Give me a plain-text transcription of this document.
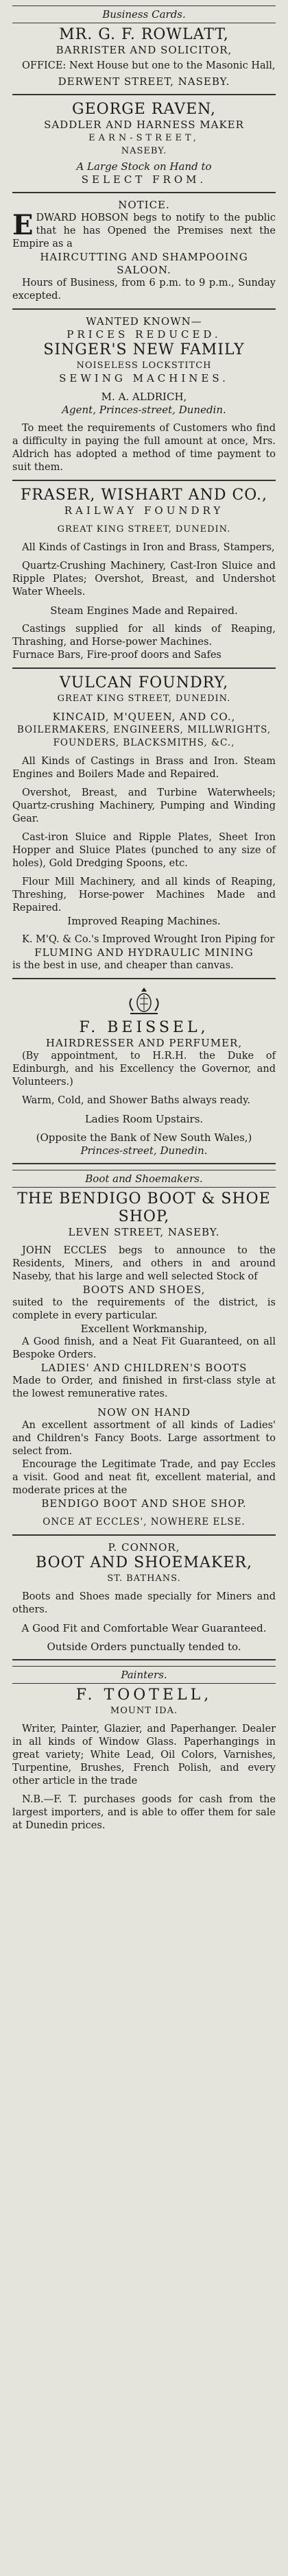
Business Cards.

MR. G. F. ROWLATT,

BARRISTER AND SOLICITOR,

OFFICE: Next House but one to the Masonic Hall,

DERWENT STREET, NASEBY.

GEORGE RAVEN,

SADDLER AND HARNESS MAKER

EARN-STREET,

NASEBY.

A Large Stock on Hand to

SELECT FROM.

NOTICE.

E DWARD HOBSON begs to notify to the public that he has Opened the Premises next the Empire as a

HAIRCUTTING AND SHAMPOOING SALOON.

Hours of Business, from 6 p.m. to 9 p.m., Sunday excepted.

WANTED KNOWN—

PRICES REDUCED.

SINGER'S NEW FAMILY

NOISELESS LOCKSTITCH

SEWING MACHINES.

M. A. ALDRICH,

Agent, Princes-street, Dunedin.

To meet the requirements of Customers who find a difficulty in paying the full amount at once, Mrs. Aldrich has adopted a method of time payment to suit them.

FRASER, WISHART AND CO.,

RAILWAY FOUNDRY

GREAT KING STREET, DUNEDIN.

All Kinds of Castings in Iron and Brass, Stampers,

Quartz-Crushing Machinery, Cast-Iron Sluice and Ripple Plates; Overshot, Breast, and Undershot Water Wheels.

Steam Engines Made and Repaired.

Castings supplied for all kinds of Reaping, Thrashing, and Horse-power Machines.

Furnace Bars, Fire-proof doors and Safes

VULCAN FOUNDRY,

GREAT KING STREET, DUNEDIN.

KINCAID, M'QUEEN, AND CO.,

BOILERMAKERS, ENGINEERS, MILLWRIGHTS, FOUNDERS, BLACKSMITHS, &C.,

All Kinds of Castings in Brass and Iron. Steam Engines and Boilers Made and Repaired.

Overshot, Breast, and Turbine Waterwheels; Quartz-crushing Machinery, Pumping and Winding Gear.

Cast-iron Sluice and Ripple Plates, Sheet Iron Hopper and Sluice Plates (punched to any size of holes), Gold Dredging Spoons, etc.

Flour Mill Machinery, and all kinds of Reaping, Threshing, Horse-power Machines Made and Repaired.

Improved Reaping Machines.

K. M'Q. & Co.'s Improved Wrought Iron Piping for

FLUMING AND HYDRAULIC MINING

is the best in use, and cheaper than canvas.

F. BEISSEL,

HAIRDRESSER AND PERFUMER,

(By appointment, to H.R.H. the Duke of Edinburgh, and his Excellency the Governor, and Volunteers.)

Warm, Cold, and Shower Baths always ready.

Ladies Room Upstairs.

(Opposite the Bank of New South Wales,)

Princes-street, Dunedin.

Boot and Shoemakers.

THE BENDIGO BOOT & SHOE SHOP,

LEVEN STREET, NASEBY.

JOHN ECCLES begs to announce to the Residents, Miners, and others in and around Naseby, that his large and well selected Stock of

BOOTS AND SHOES,

suited to the requirements of the district, is complete in every particular.

Excellent Workmanship,

A Good finish, and a Neat Fit Guaranteed, on all Bespoke Orders.

LADIES' AND CHILDREN'S BOOTS

Made to Order, and finished in first-class style at the lowest remunerative rates.

NOW ON HAND

An excellent assortment of all kinds of Ladies' and Children's Fancy Boots. Large assortment to select from.

Encourage the Legitimate Trade, and pay Eccles a visit. Good and neat fit, excellent material, and moderate prices at the

BENDIGO BOOT AND SHOE SHOP.

ONCE AT ECCLES', NOWHERE ELSE.

P. CONNOR,

BOOT AND SHOEMAKER,

ST. BATHANS.

Boots and Shoes made specially for Miners and others.

A Good Fit and Comfortable Wear Guaranteed.

Outside Orders punctually tended to.

Painters.

F. TOOTELL,

MOUNT IDA.

Writer, Painter, Glazier, and Paperhanger. Dealer in all kinds of Window Glass. Paperhangings in great variety; White Lead, Oil Colors, Varnishes, Turpentine, Brushes, French Polish, and every other article in the trade

N.B.—F. T. purchases goods for cash from the largest importers, and is able to offer them for sale at Dunedin prices.
